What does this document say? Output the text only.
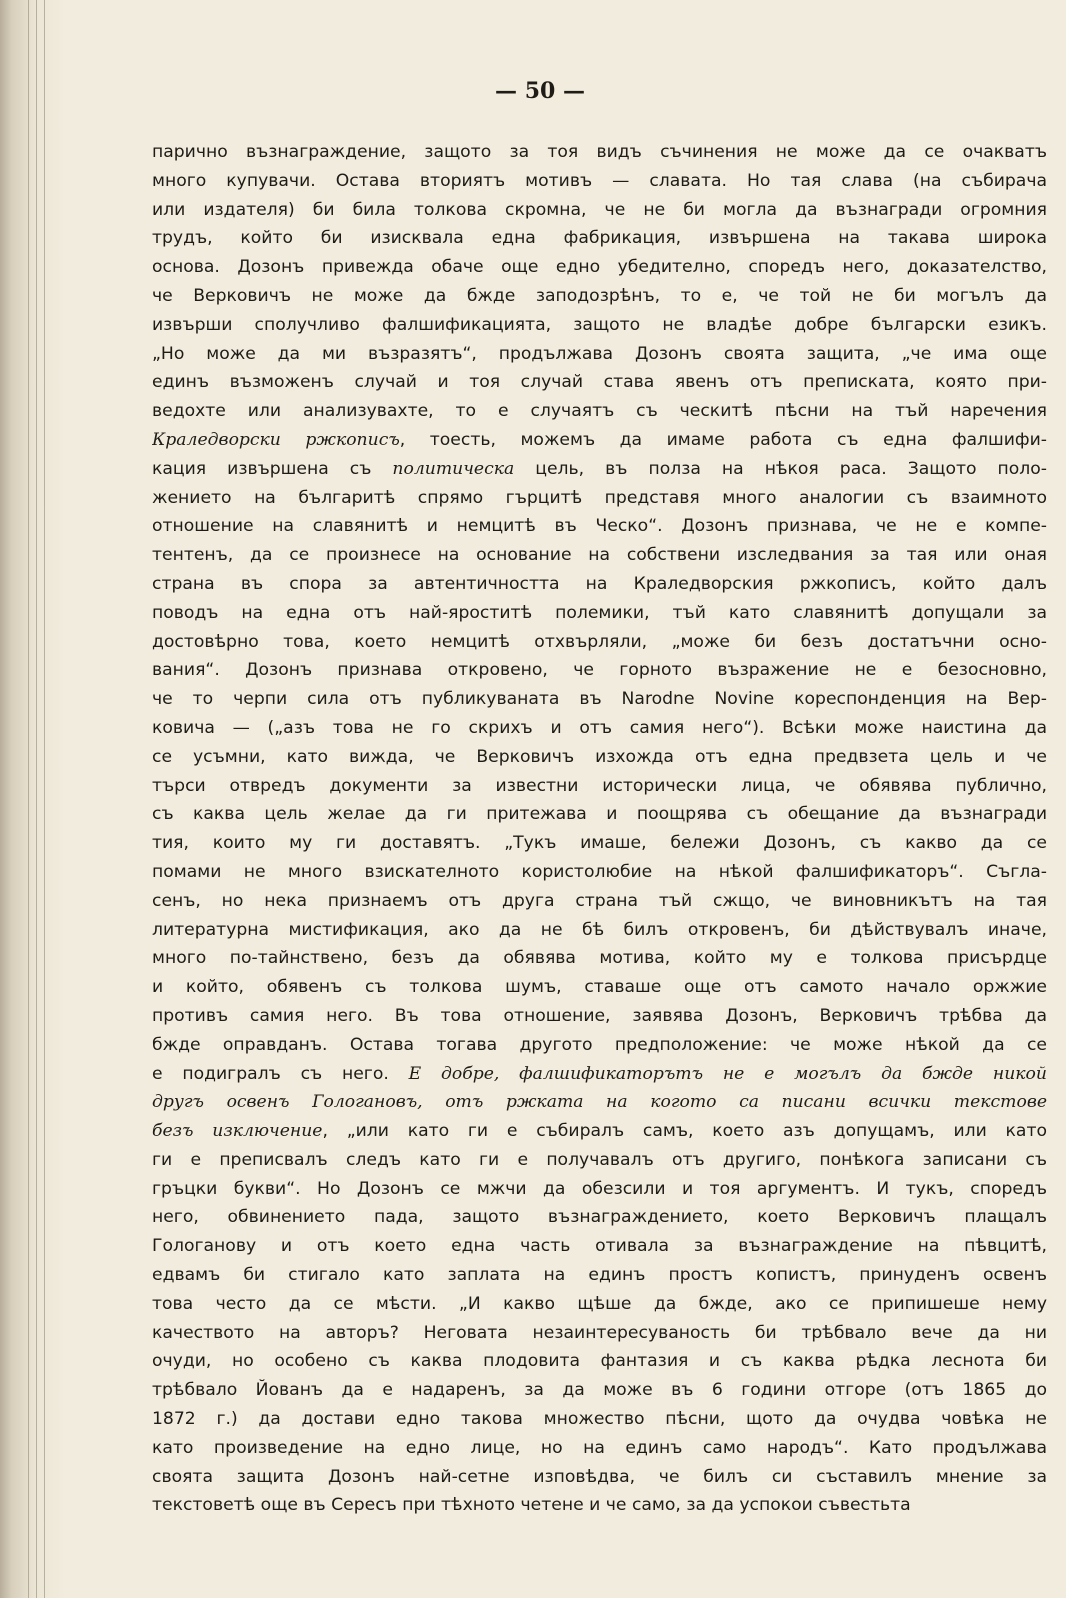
— 50 —
парично възнаграждение, защото за тоя видъ съчинения не може да се очакватъ
много купувачи. Остава вториятъ мотивъ — славата. Но тая слава (на събирача
или издателя) би била толкова скромна, че не би могла да възнагради огромния
трудъ, който би изисквала една фабрикация, извършена на такава широка
основа. Дозонъ привежда обаче още едно убедително, споредъ него, доказателство,
че Верковичъ не може да бжде заподозрѣнъ, то е, че той не би могълъ да
извърши сполучливо фалшификацията, защото не владѣе добре български езикъ.
„Но може да ми възразятъ“, продължава Дозонъ своята защита, „че има още
единъ възможенъ случай и тоя случай става явенъ отъ преписката, която при-
ведохте или анализувахте, то е случаятъ съ ческитѣ пѣсни на тъй наречения
Краледворски ржкописъ, тоесть, можемъ да имаме работа съ една фалшифи-
кация извършена съ политическа цель, въ полза на нѣкоя раса. Защото поло-
жението на българитѣ спрямо гърцитѣ представя много аналогии съ взаимното
отношение на славянитѣ и немцитѣ въ Ческо“. Дозонъ признава, че не е компе-
тентенъ, да се произнесе на основание на собствени изследвания за тая или оная
страна въ спора за автентичността на Краледворския ржкописъ, който далъ
поводъ на една отъ най-яроститѣ полемики, тъй като славянитѣ допущали за
достовѣрно това, което немцитѣ отхвърляли, „може би безъ достатъчни осно-
вания“. Дозонъ признава откровено, че горното възражение не е безосновно,
че то черпи сила отъ публикуваната въ Narodne Novine кореспонденция на Вер-
ковича — („азъ това не го скрихъ и отъ самия него“). Всѣки може наистина да
се усъмни, като вижда, че Верковичъ изхожда отъ една предвзета цель и че
търси отвредъ документи за известни исторически лица, че обявява публично,
съ каква цель желае да ги притежава и поощрява съ обещание да възнагради
тия, които му ги доставятъ. „Тукъ имаше, бележи Дозонъ, съ какво да се
помами не много взискателното користолюбие на нѣкой фалшификаторъ“. Съгла-
сенъ, но нека признаемъ отъ друга страна тъй сжщо, че виновникътъ на тая
литературна мистификация, ако да не бѣ билъ откровенъ, би дѣйствувалъ иначе,
много по-тайнствено, безъ да обявява мотива, който му е толкова присърдце
и който, обявенъ съ толкова шумъ, ставаше още отъ самото начало оржжие
противъ самия него. Въ това отношение, заявява Дозонъ, Верковичъ трѣбва да
бжде оправданъ. Остава тогава другото предположение: че може нѣкой да се
е подигралъ съ него. Е добре, фалшификаторътъ не е могълъ да бжде никой
другъ освенъ Гологановъ, отъ ржката на когото са писани всички текстове
безъ изключение, „или като ги е събиралъ самъ, което азъ допущамъ, или като
ги е преписвалъ следъ като ги е получавалъ отъ другиго, понѣкога записани съ
гръцки букви“. Но Дозонъ се мжчи да обезсили и тоя аргументъ. И тукъ, споредъ
него, обвинението пада, защото възнаграждението, което Верковичъ плащалъ
Гологанову и отъ което една часть отивала за възнаграждение на пѣвцитѣ,
едвамъ би стигало като заплата на единъ простъ копистъ, принуденъ освенъ
това често да се мѣсти. „И какво щѣше да бжде, ако се припишеше нему
качеството на авторъ? Неговата незаинтересуваность би трѣбвало вече да ни
очуди, но особено съ каква плодовита фантазия и съ каква рѣдка леснота би
трѣбвало Йованъ да е надаренъ, за да може въ 6 години отгоре (отъ 1865 до
1872 г.) да достави едно такова множество пѣсни, щото да очудва човѣка не
като произведение на едно лице, но на единъ само народъ“. Като продължава
своята защита Дозонъ най-сетне изповѣдва, че билъ си съставилъ мнение за
текстоветѣ още въ Сересъ при тѣхното четене и че само, за да успокои съвестьта
